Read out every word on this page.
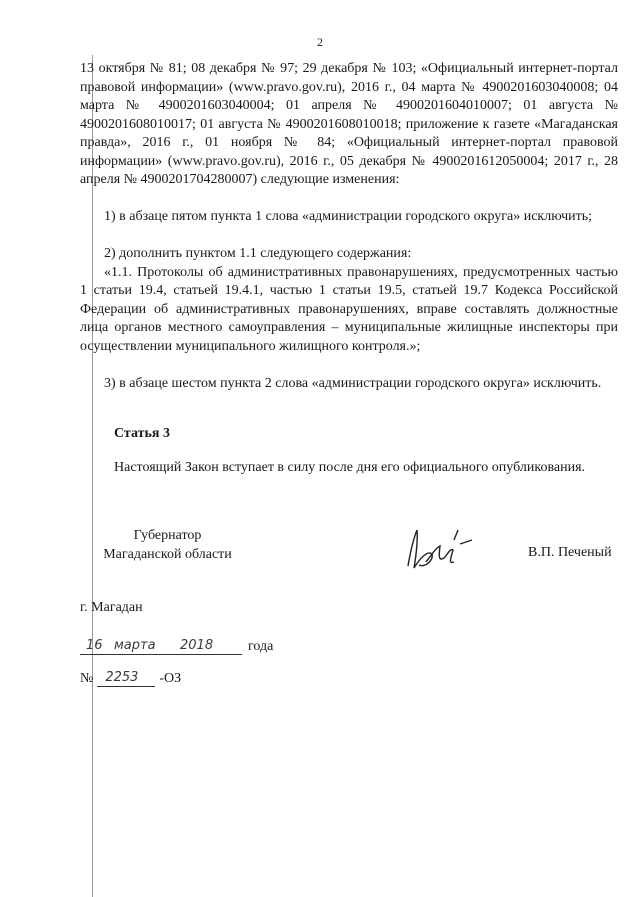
2

13 октября № 81; 08 декабря № 97; 29 декабря № 103; «Официальный интернет-портал правовой информации» (www.pravo.gov.ru), 2016 г., 04 марта № 4900201603040008; 04 марта № 4900201603040004; 01 апреля № 4900201604010007; 01 августа № 4900201608010017; 01 августа № 4900201608010018; приложение к газете «Магаданская правда», 2016 г., 01 ноября № 84; «Официальный интернет-портал правовой информации» (www.pravo.gov.ru), 2016 г., 05 декабря № 4900201612050004; 2017 г., 28 апреля № 4900201704280007) следующие изменения:

1) в абзаце пятом пункта 1 слова «администрации городского округа» исключить;

2) дополнить пунктом 1.1 следующего содержания:

«1.1. Протоколы об административных правонарушениях, предусмотренных частью 1 статьи 19.4, статьей 19.4.1, частью 1 статьи 19.5, статьей 19.7 Кодекса Российской Федерации об административных правонарушениях, вправе составлять должностные лица органов местного самоуправления – муниципальные жилищные инспекторы при осуществлении муниципального жилищного контроля.»;

3) в абзаце шестом пункта 2 слова «администрации городского округа» исключить.

Статья 3
Настоящий Закон вступает в силу после дня его официального опубликования.
Губернатор
Магаданской области	В.П. Печеный
г. Магадан
16 марта 2018 года
№ 2253 -ОЗ
